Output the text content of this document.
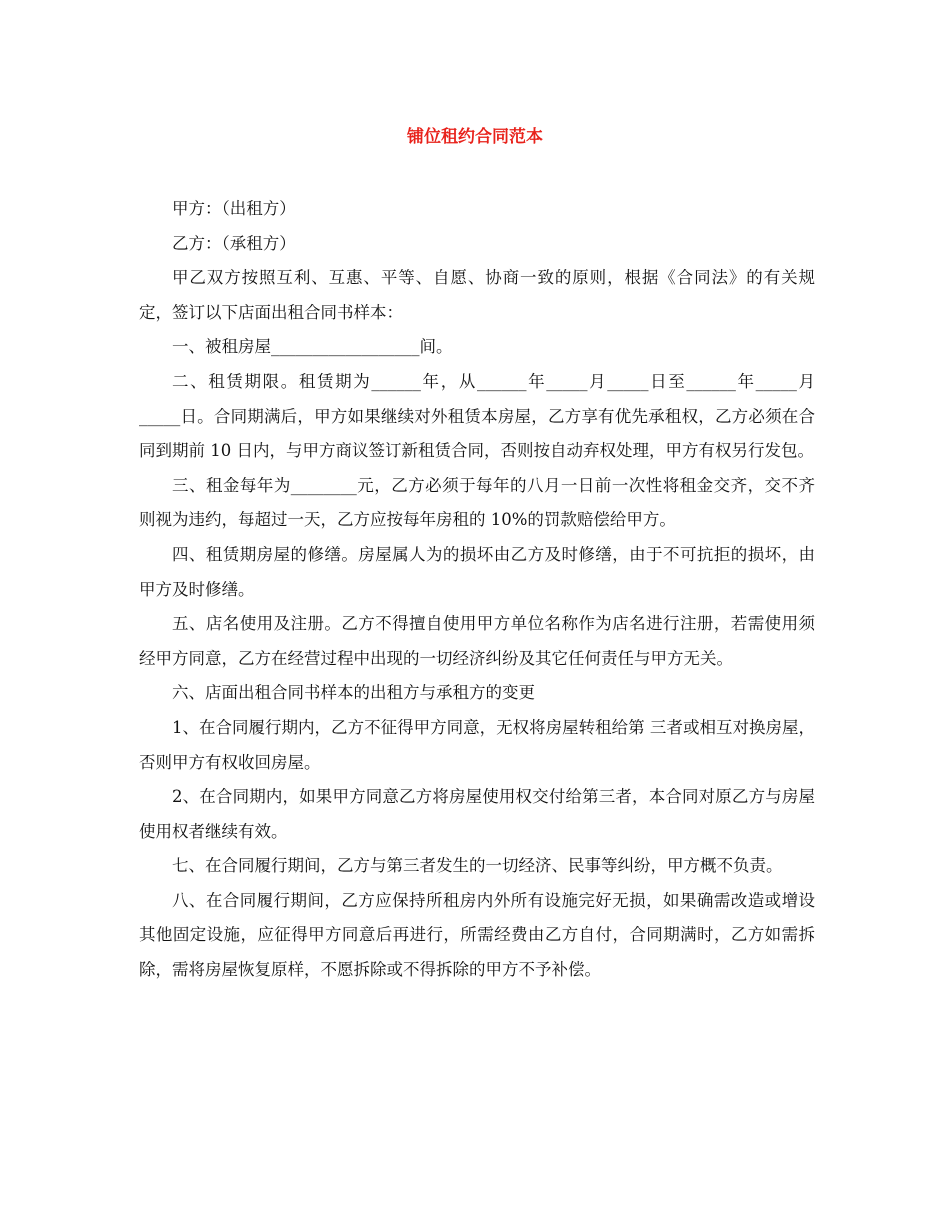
铺位租约合同范本

甲方：（出租方）

乙方：（承租方）

甲乙双方按照互利、互惠、平等、自愿、协商一致的原则，根据《合同法》的有关规定，签订以下店面出租合同书样本：

一、被租房屋__________________间。

二、租赁期限。租赁期为______年，从______年_____月_____日至______年_____月_____日。合同期满后，甲方如果继续对外租赁本房屋，乙方享有优先承租权，乙方必须在合同到期前 10 日内，与甲方商议签订新租赁合同，否则按自动弃权处理，甲方有权另行发包。

三、租金每年为________元，乙方必须于每年的八月一日前一次性将租金交齐，交不齐则视为违约，每超过一天，乙方应按每年房租的 10%的罚款赔偿给甲方。

四、租赁期房屋的修缮。房屋属人为的损坏由乙方及时修缮，由于不可抗拒的损坏，由甲方及时修缮。

五、店名使用及注册。乙方不得擅自使用甲方单位名称作为店名进行注册，若需使用须经甲方同意，乙方在经营过程中出现的一切经济纠纷及其它任何责任与甲方无关。

六、店面出租合同书样本的出租方与承租方的变更

1、在合同履行期内，乙方不征得甲方同意，无权将房屋转租给第 三者或相互对换房屋，否则甲方有权收回房屋。

2、在合同期内，如果甲方同意乙方将房屋使用权交付给第三者，本合同对原乙方与房屋使用权者继续有效。

七、在合同履行期间，乙方与第三者发生的一切经济、民事等纠纷，甲方概不负责。

八、在合同履行期间，乙方应保持所租房内外所有设施完好无损，如果确需改造或增设其他固定设施，应征得甲方同意后再进行，所需经费由乙方自付，合同期满时，乙方如需拆除，需将房屋恢复原样，不愿拆除或不得拆除的甲方不予补偿。
